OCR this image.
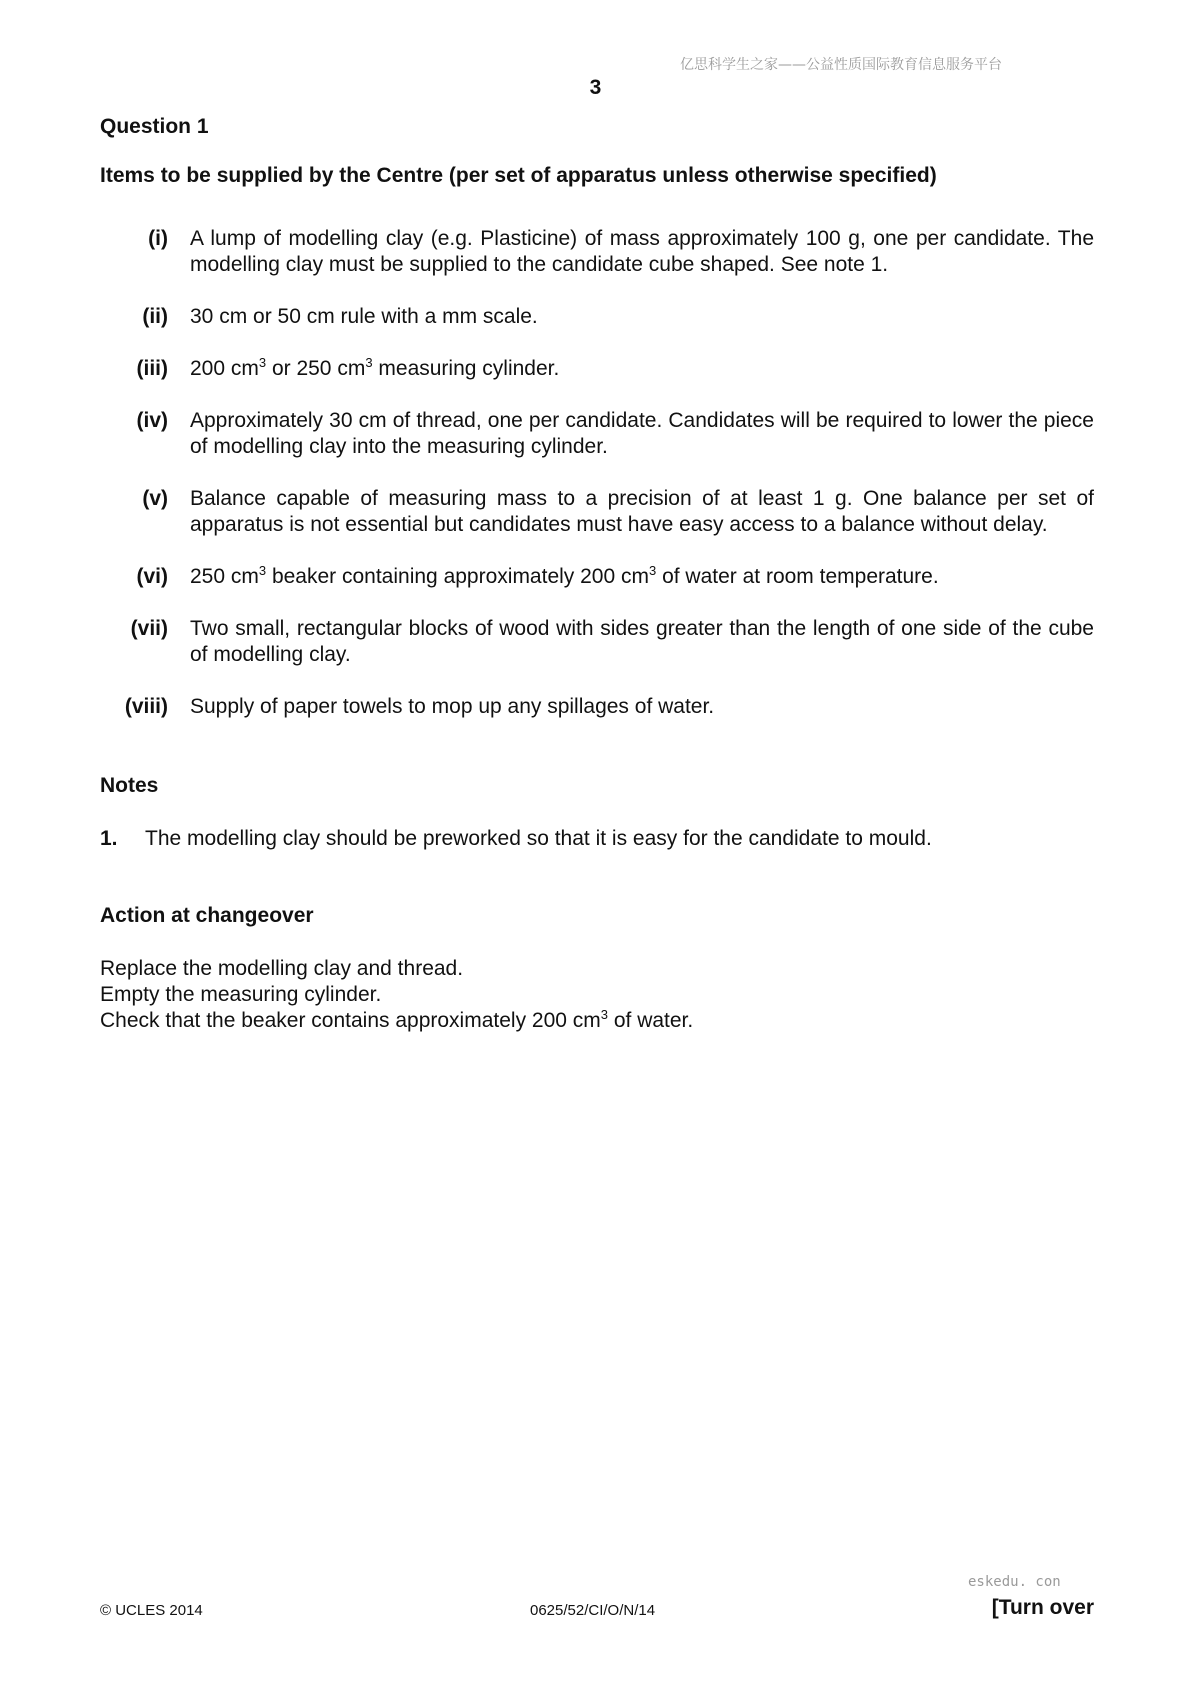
亿思科学生之家——公益性质国际教育信息服务平台
3
Question 1
Items to be supplied by the Centre (per set of apparatus unless otherwise specified)
(i) A lump of modelling clay (e.g. Plasticine) of mass approximately 100 g, one per candidate. The modelling clay must be supplied to the candidate cube shaped. See note 1.
(ii) 30 cm or 50 cm rule with a mm scale.
(iii) 200 $cm^3$ or 250 $cm^3$ measuring cylinder.
(iv) Approximately 30 cm of thread, one per candidate. Candidates will be required to lower the piece of modelling clay into the measuring cylinder.
(v) Balance capable of measuring mass to a precision of at least 1 g. One balance per set of apparatus is not essential but candidates must have easy access to a balance without delay.
(vi) 250 $cm^3$ beaker containing approximately 200 $cm^3$ of water at room temperature.
(vii) Two small, rectangular blocks of wood with sides greater than the length of one side of the cube of modelling clay.
(viii) Supply of paper towels to mop up any spillages of water.
Notes
1. The modelling clay should be preworked so that it is easy for the candidate to mould.
Action at changeover
Replace the modelling clay and thread.
Empty the measuring cylinder.
Check that the beaker contains approximately 200 $cm^3$ of water.
eskedu. con
© UCLES 2014	0625/52/CI/O/N/14	[Turn over
